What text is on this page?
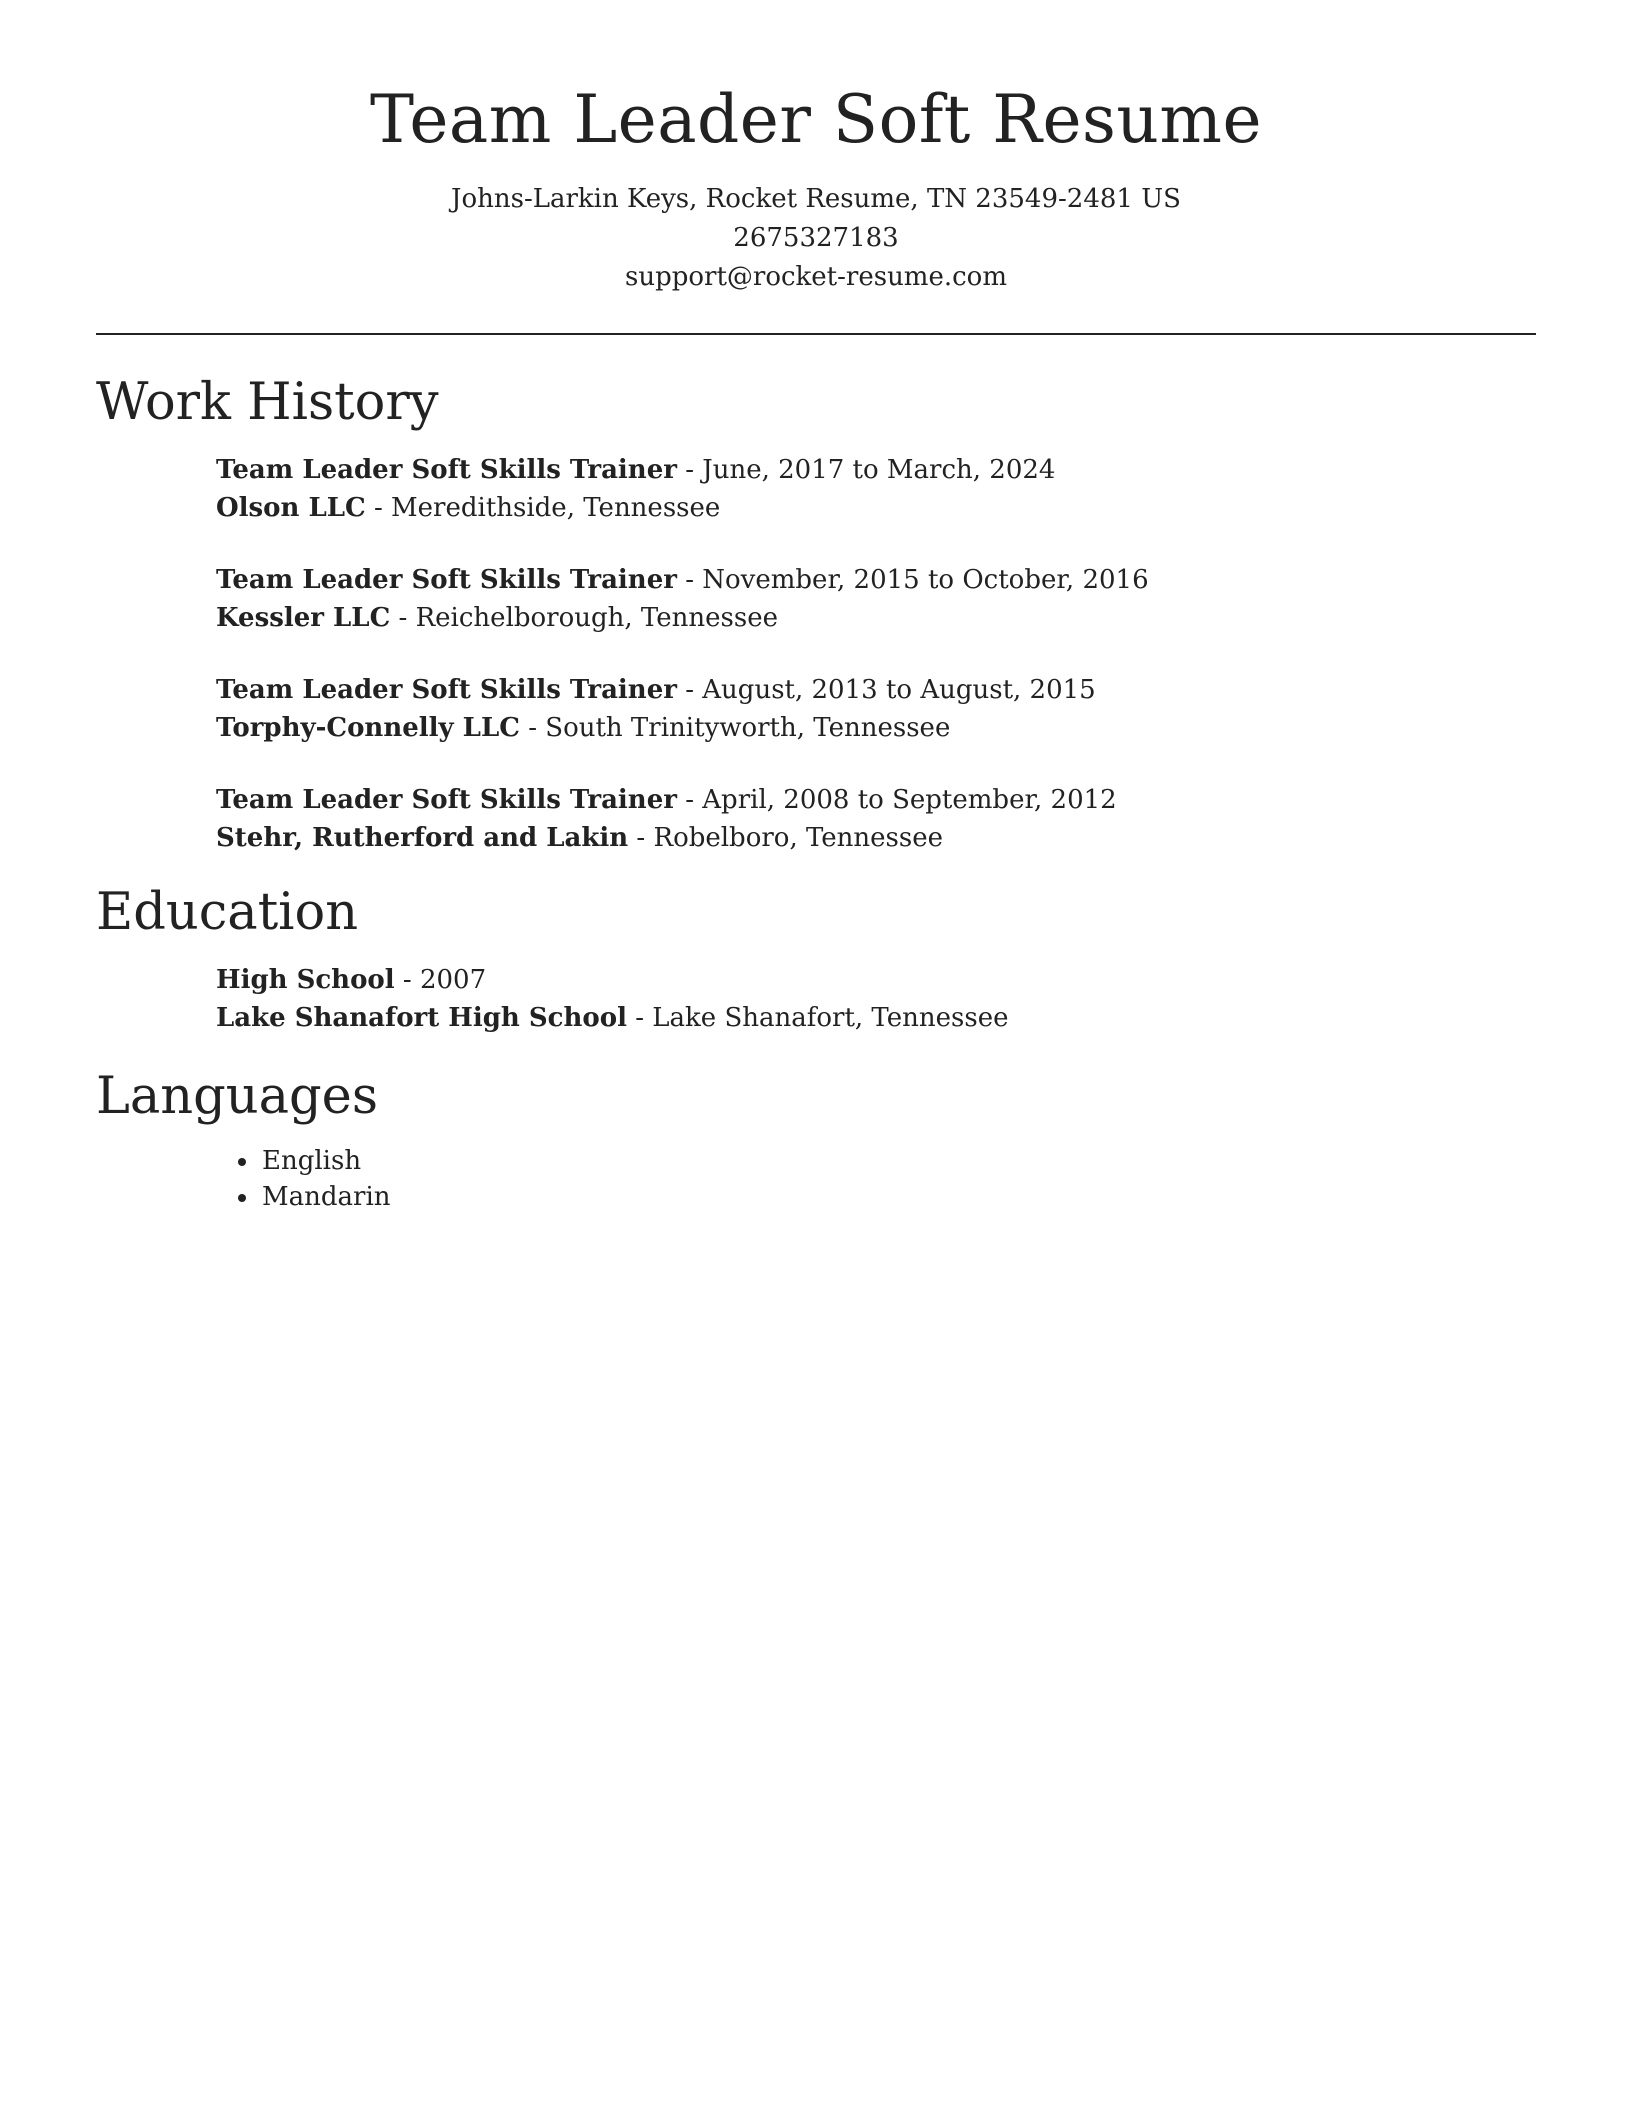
Team Leader Soft Resume

Johns-Larkin Keys, Rocket Resume, TN 23549-2481 US

2675327183

support@rocket-resume.com

Work History
Team Leader Soft Skills Trainer - June, 2017 to March, 2024
Olson LLC - Meredithside, Tennessee
Team Leader Soft Skills Trainer - November, 2015 to October, 2016
Kessler LLC - Reichelborough, Tennessee
Team Leader Soft Skills Trainer - August, 2013 to August, 2015
Torphy-Connelly LLC - South Trinityworth, Tennessee
Team Leader Soft Skills Trainer - April, 2008 to September, 2012
Stehr, Rutherford and Lakin - Robelboro, Tennessee
Education
High School - 2007
Lake Shanafort High School - Lake Shanafort, Tennessee
Languages
• English
• Mandarin
